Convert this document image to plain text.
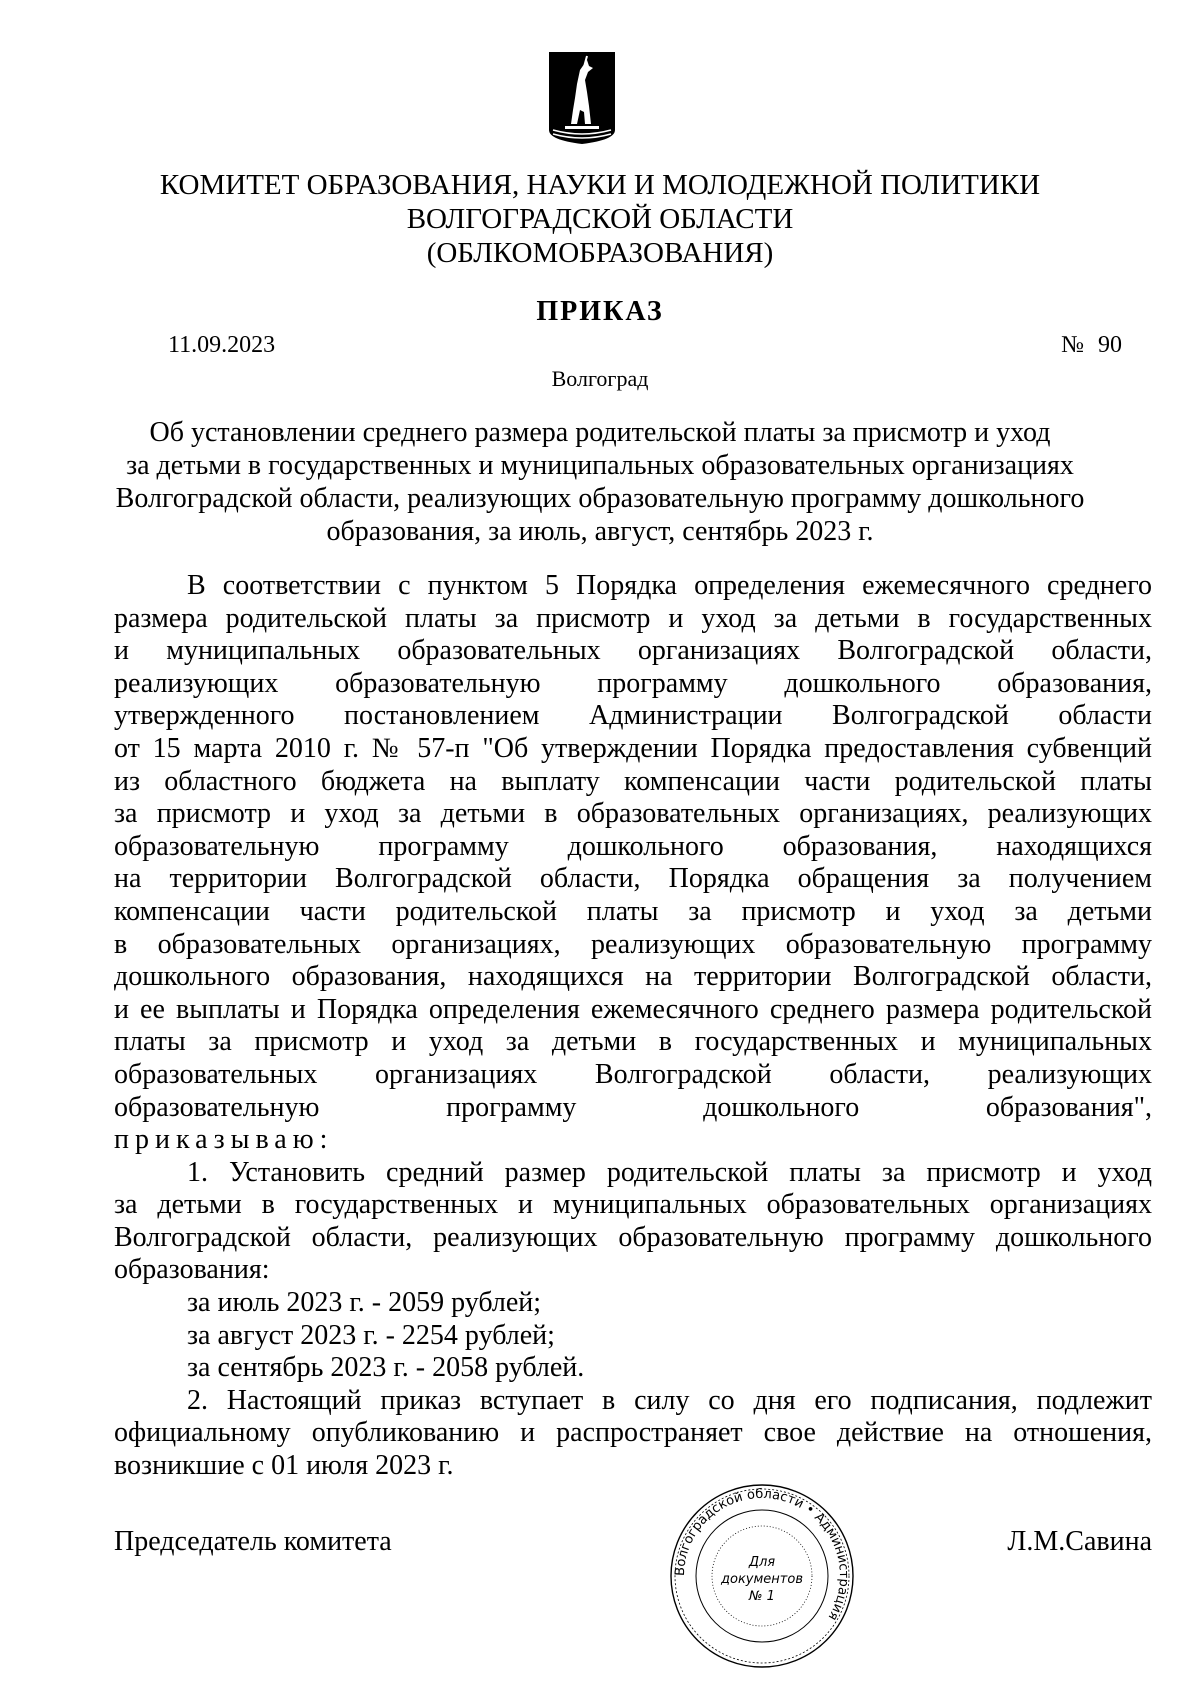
КОМИТЕТ ОБРАЗОВАНИЯ, НАУКИ И МОЛОДЕЖНОЙ ПОЛИТИКИ
ВОЛГОГРАДСКОЙ ОБЛАСТИ
(ОБЛКОМОБРАЗОВАНИЯ)
ПРИКАЗ
11.09.2023	№ 90
Волгоград
Об установлении среднего размера родительской платы за присмотр и уход
за детьми в государственных и муниципальных образовательных организациях
Волгоградской области, реализующих образовательную программу дошкольного
образования, за июль, август, сентябрь 2023 г.

В соответствии с пунктом 5 Порядка определения ежемесячного среднего

размера родительской платы за присмотр и уход за детьми в государственных

и муниципальных образовательных организациях Волгоградской области,

реализующих образовательную программу дошкольного образования,

утвержденного постановлением Администрации Волгоградской области

от 15 марта 2010 г. № 57-п "Об утверждении Порядка предоставления субвенций

из областного бюджета на выплату компенсации части родительской платы

за присмотр и уход за детьми в образовательных организациях, реализующих

образовательную программу дошкольного образования, находящихся

на территории Волгоградской области, Порядка обращения за получением

компенсации части родительской платы за присмотр и уход за детьми

в образовательных организациях, реализующих образовательную программу

дошкольного образования, находящихся на территории Волгоградской области,

и ее выплаты и Порядка определения ежемесячного среднего размера родительской

платы за присмотр и уход за детьми в государственных и муниципальных

образовательных организациях Волгоградской области, реализующих

образовательную программу дошкольного образования",

приказываю:

1. Установить средний размер родительской платы за присмотр и уход

за детьми в государственных и муниципальных образовательных организациях

Волгоградской области, реализующих образовательную программу дошкольного

образования:

за июль 2023 г. - 2059 рублей;

за август 2023 г. - 2254 рублей;

за сентябрь 2023 г. - 2058 рублей.

2. Настоящий приказ вступает в силу со дня его подписания, подлежит

официальному опубликованию и распространяет свое действие на отношения,

возникшие с 01 июля 2023 г.

Председатель комитета	Л.М.Савина
Волгоградской области • Администрация
Для
документов
№ 1
